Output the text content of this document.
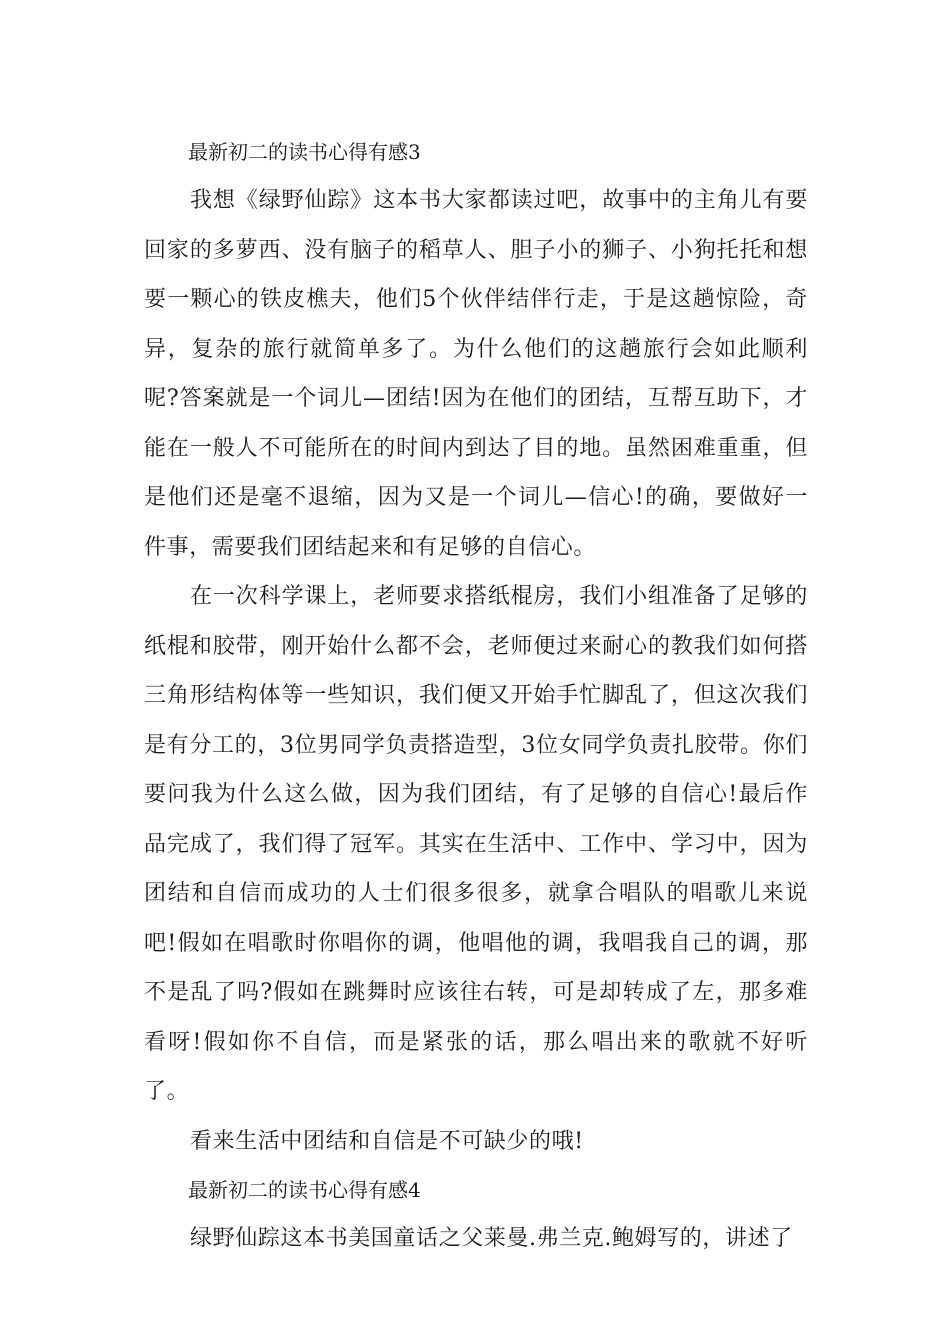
最新初二的读书心得有感3

我想《绿野仙踪》这本书大家都读过吧，故事中的主角儿有要回家的多萝西、没有脑子的稻草人、胆子小的狮子、小狗托托和想要一颗心的铁皮樵夫，他们5个伙伴结伴行走，于是这趟惊险，奇异，复杂的旅行就简单多了。为什么他们的这趟旅行会如此顺利呢?答案就是一个词儿—团结!因为在他们的团结，互帮互助下，才能在一般人不可能所在的时间内到达了目的地。虽然困难重重，但是他们还是毫不退缩，因为又是一个词儿—信心!的确，要做好一件事，需要我们团结起来和有足够的自信心。

在一次科学课上，老师要求搭纸棍房，我们小组准备了足够的纸棍和胶带，刚开始什么都不会，老师便过来耐心的教我们如何搭三角形结构体等一些知识，我们便又开始手忙脚乱了，但这次我们是有分工的，3位男同学负责搭造型，3位女同学负责扎胶带。你们要问我为什么这么做，因为我们团结，有了足够的自信心!最后作品完成了，我们得了冠军。其实在生活中、工作中、学习中，因为团结和自信而成功的人士们很多很多，就拿合唱队的唱歌儿来说吧!假如在唱歌时你唱你的调，他唱他的调，我唱我自己的调，那不是乱了吗?假如在跳舞时应该往右转，可是却转成了左，那多难看呀!假如你不自信，而是紧张的话，那么唱出来的歌就不好听了。

看来生活中团结和自信是不可缺少的哦!

最新初二的读书心得有感4

绿野仙踪这本书美国童话之父莱曼.弗兰克.鲍姆写的，讲述了
